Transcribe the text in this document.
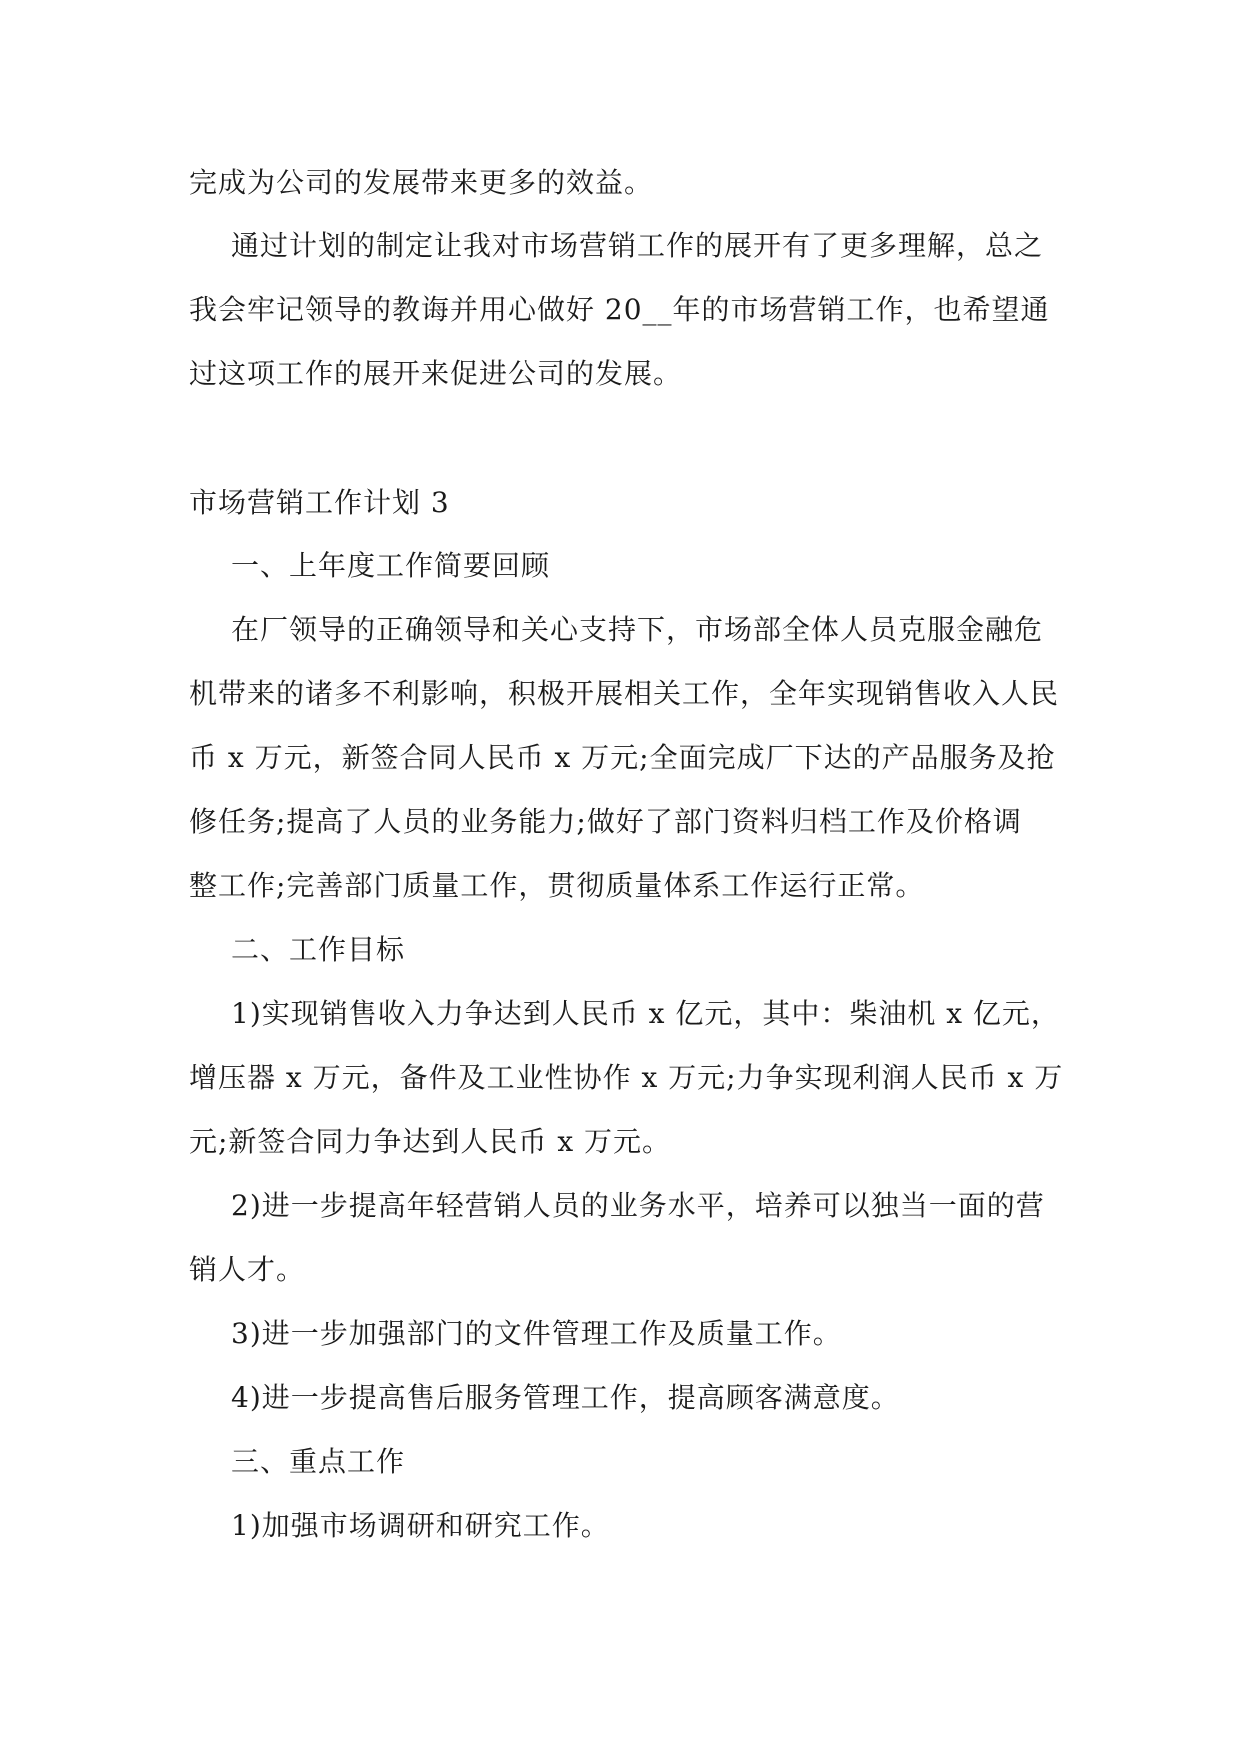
完成为公司的发展带来更多的效益。
通过计划的制定让我对市场营销工作的展开有了更多理解，总之
我会牢记领导的教诲并用心做好 20__年的市场营销工作，也希望通
过这项工作的展开来促进公司的发展。
市场营销工作计划 3
一、上年度工作简要回顾
在厂领导的正确领导和关心支持下，市场部全体人员克服金融危
机带来的诸多不利影响，积极开展相关工作，全年实现销售收入人民
币 x 万元，新签合同人民币 x 万元;全面完成厂下达的产品服务及抢
修任务;提高了人员的业务能力;做好了部门资料归档工作及价格调
整工作;完善部门质量工作，贯彻质量体系工作运行正常。
二、工作目标
1)实现销售收入力争达到人民币 x 亿元，其中：柴油机 x 亿元，
增压器 x 万元，备件及工业性协作 x 万元;力争实现利润人民币 x 万
元;新签合同力争达到人民币 x 万元。
2)进一步提高年轻营销人员的业务水平，培养可以独当一面的营
销人才。
3)进一步加强部门的文件管理工作及质量工作。
4)进一步提高售后服务管理工作，提高顾客满意度。
三、重点工作
1)加强市场调研和研究工作。
